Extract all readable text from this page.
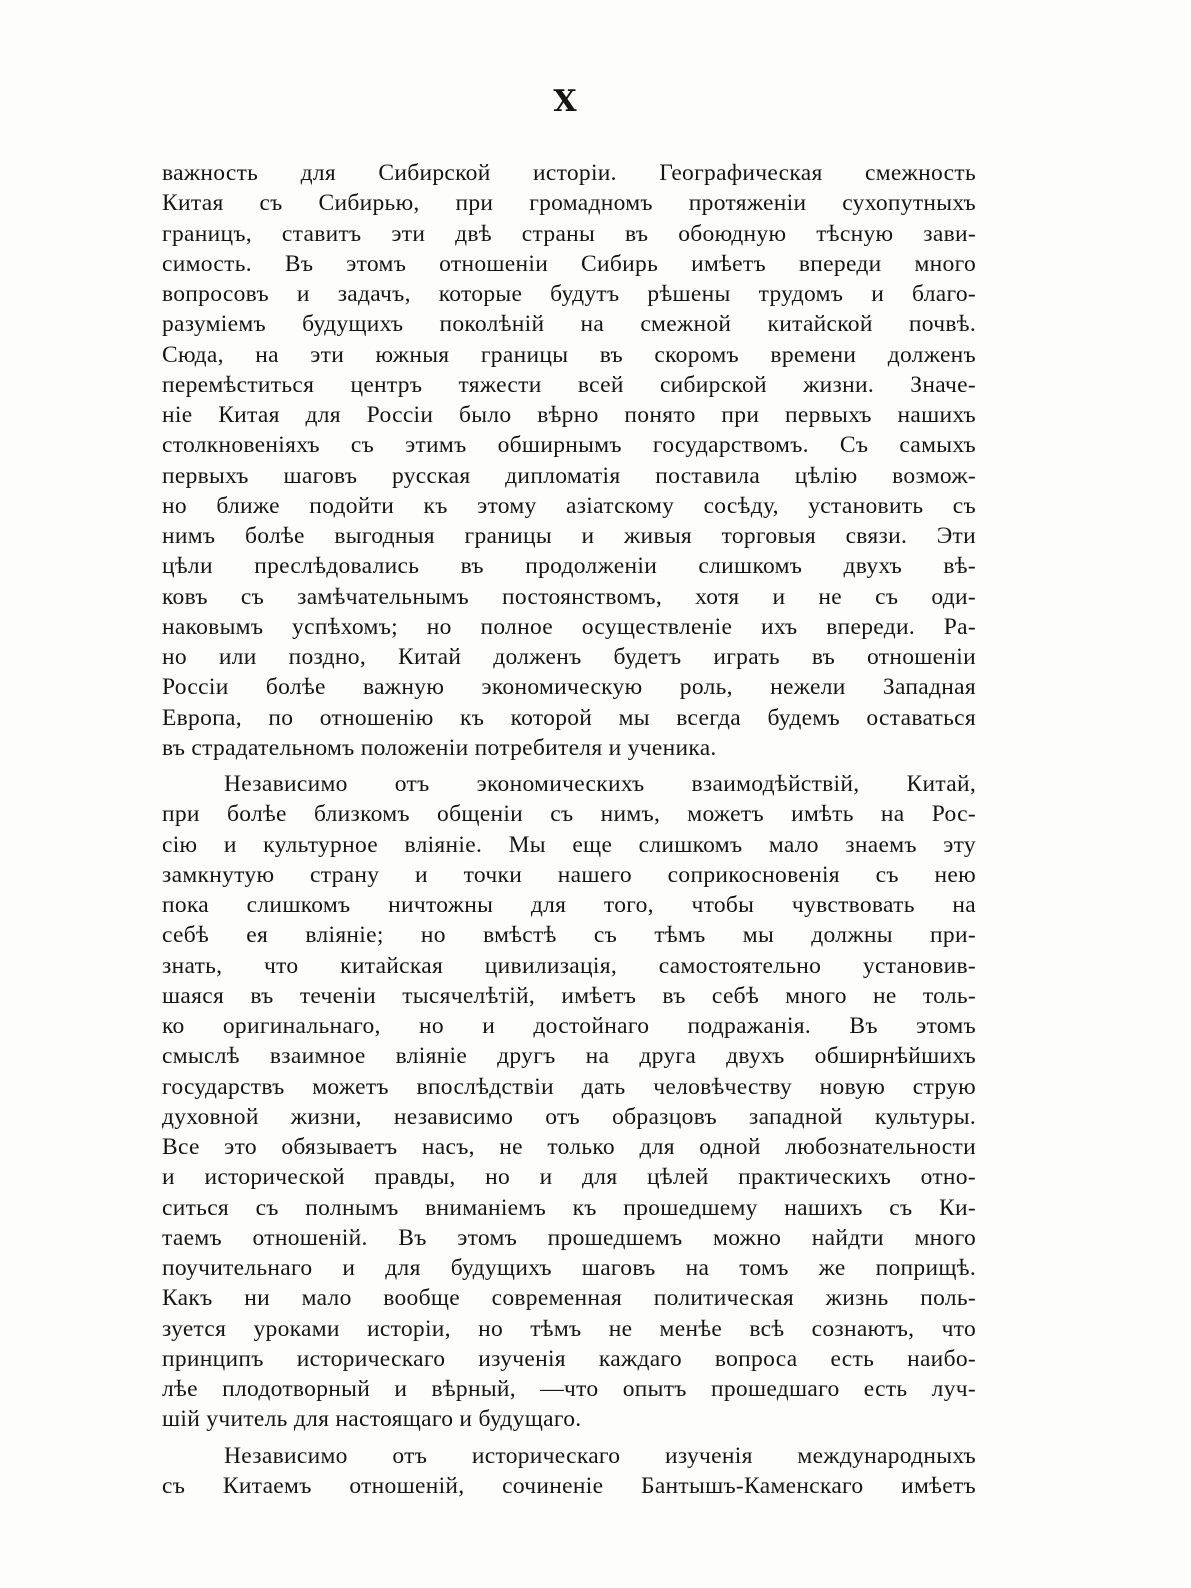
X
важность для Сибирской исторіи. Географическая смежность
Китая съ Сибирью, при громадномъ протяженіи сухопутныхъ
границъ, ставитъ эти двѣ страны въ обоюдную тѣсную зави-
симость. Въ этомъ отношеніи Сибирь имѣетъ впереди много
вопросовъ и задачъ, которые будутъ рѣшены трудомъ и благо-
разуміемъ будущихъ поколѣній на смежной китайской почвѣ.
Сюда, на эти южныя границы въ скоромъ времени долженъ
перемѣститься центръ тяжести всей сибирской жизни. Значе-
ніе Китая для Россіи было вѣрно понято при первыхъ нашихъ
столкновеніяхъ съ этимъ обширнымъ государствомъ. Съ самыхъ
первыхъ шаговъ русская дипломатія поставила цѣлію возмож-
но ближе подойти къ этому азіатскому сосѣду, установить съ
нимъ болѣе выгодныя границы и живыя торговыя связи. Эти
цѣли преслѣдовались въ продолженіи слишкомъ двухъ вѣ-
ковъ съ замѣчательнымъ постоянствомъ, хотя и не съ оди-
наковымъ успѣхомъ; но полное осуществленіе ихъ впереди. Ра-
но или поздно, Китай долженъ будетъ играть въ отношеніи
Россіи болѣе важную экономическую роль, нежели Западная
Европа, по отношенію къ которой мы всегда будемъ оставаться
въ страдательномъ положеніи потребителя и ученика.
Независимо отъ экономическихъ взаимодѣйствій, Китай,
при болѣе близкомъ общеніи съ нимъ, можетъ имѣть на Рос-
сію и культурное вліяніе. Мы еще слишкомъ мало знаемъ эту
замкнутую страну и точки нашего соприкосновенія съ нею
пока слишкомъ ничтожны для того, чтобы чувствовать на
себѣ ея вліяніе; но вмѣстѣ съ тѣмъ мы должны при-
знать, что китайская цивилизація, самостоятельно установив-
шаяся въ теченіи тысячелѣтій, имѣетъ въ себѣ много не толь-
ко оригинальнаго, но и достойнаго подражанія. Въ этомъ
смыслѣ взаимное вліяніе другъ на друга двухъ обширнѣйшихъ
государствъ можетъ впослѣдствіи дать человѣчеству новую струю
духовной жизни, независимо отъ образцовъ западной культуры.
Все это обязываетъ насъ, не только для одной любознательности
и исторической правды, но и для цѣлей практическихъ отно-
ситься съ полнымъ вниманіемъ къ прошедшему нашихъ съ Ки-
таемъ отношеній. Въ этомъ прошедшемъ можно найдти много
поучительнаго и для будущихъ шаговъ на томъ же поприщѣ.
Какъ ни мало вообще современная политическая жизнь поль-
зуется уроками исторіи, но тѣмъ не менѣе всѣ сознаютъ, что
принципъ историческаго изученія каждаго вопроса есть наибо-
лѣе плодотворный и вѣрный, —что опытъ прошедшаго есть луч-
шій учитель для настоящаго и будущаго.
Независимо отъ историческаго изученія международныхъ
съ Китаемъ отношеній, сочиненіе Бантышъ-Каменскаго имѣетъ
